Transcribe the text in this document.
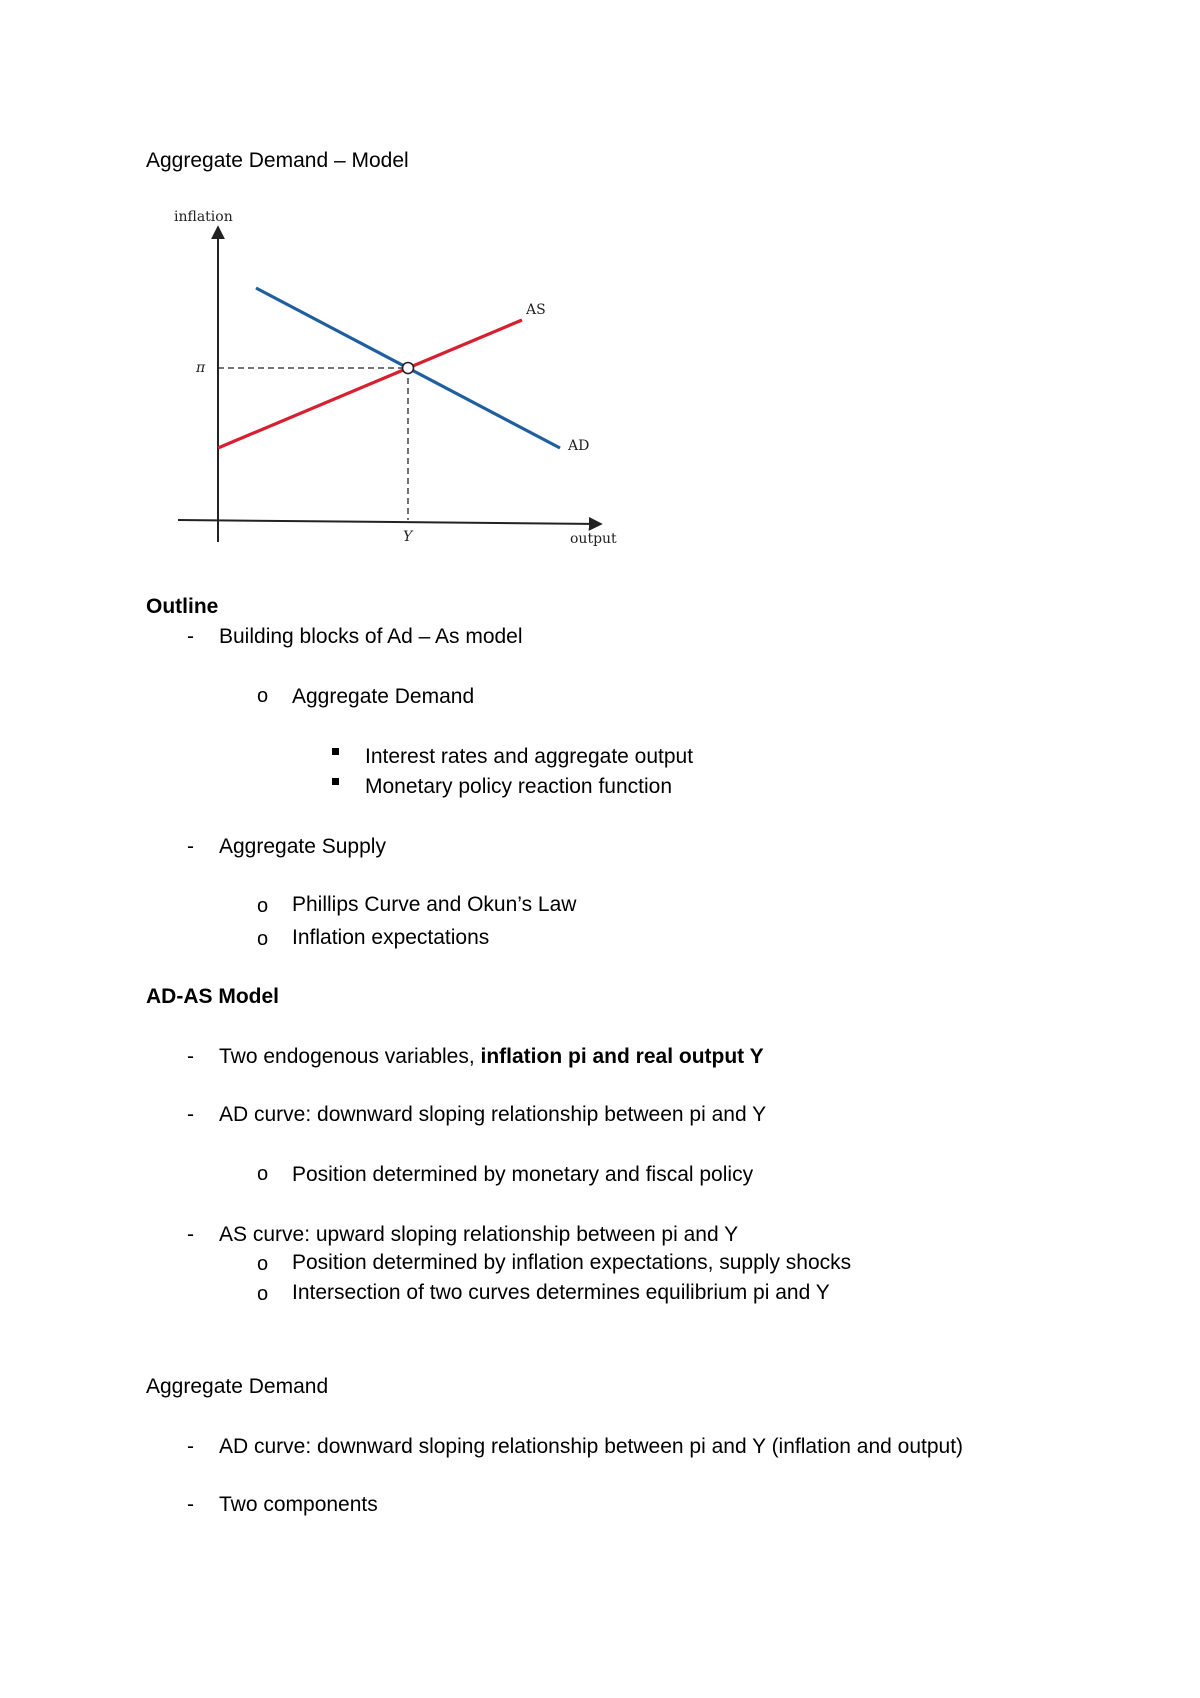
Aggregate Demand – Model
inflation
AS
AD
π
Y	output
Outline
- Building blocks of Ad – As model
o Aggregate Demand
Interest rates and aggregate output
Monetary policy reaction function
- Aggregate Supply
o Phillips Curve and Okun’s Law
o Inflation expectations
AD-AS Model
- Two endogenous variables, inflation pi and real output Y
- AD curve: downward sloping relationship between pi and Y
o Position determined by monetary and fiscal policy
- AS curve: upward sloping relationship between pi and Y
o Position determined by inflation expectations, supply shocks
o Intersection of two curves determines equilibrium pi and Y
Aggregate Demand
- AD curve: downward sloping relationship between pi and Y (inflation and output)
- Two components
